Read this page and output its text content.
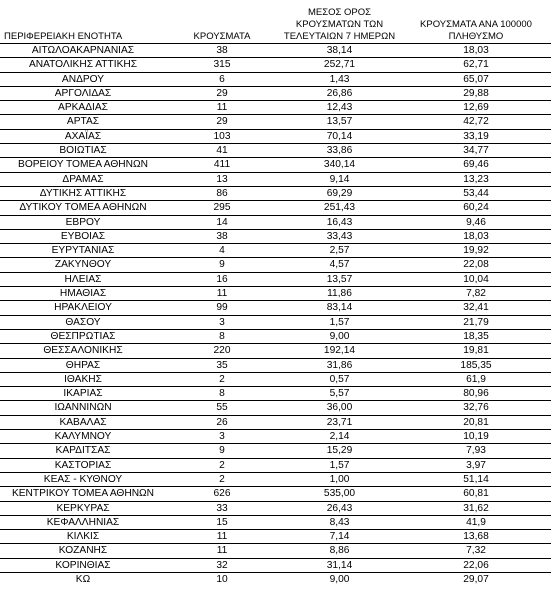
ΠΕΡΙΦΕΡΕΙΑΚΗ ΕΝΟΤΗΤΑ	ΚΡΟΥΣΜΑΤΑ	ΜΕΣΟΣ ΟΡΟΣ
ΚΡΟΥΣΜΑΤΩΝ ΤΩΝ
ΤΕΛΕΥΤΑΙΩΝ 7 ΗΜΕΡΩΝ	ΚΡΟΥΣΜΑΤΑ ΑΝΑ 100000
ΠΛΗΘΥΣΜΟ
ΑΙΤΩΛΟΑΚΑΡΝΑΝΙΑΣ	38	38,14	18,03
ΑΝΑΤΟΛΙΚΗΣ ΑΤΤΙΚΗΣ	315	252,71	62,71
ΑΝΔΡΟΥ	6	1,43	65,07
ΑΡΓΟΛΙΔΑΣ	29	26,86	29,88
ΑΡΚΑΔΙΑΣ	11	12,43	12,69
ΑΡΤΑΣ	29	13,57	42,72
ΑΧΑΪΑΣ	103	70,14	33,19
ΒΟΙΩΤΙΑΣ	41	33,86	34,77
ΒΟΡΕΙΟΥ ΤΟΜΕΑ ΑΘΗΝΩΝ	411	340,14	69,46
ΔΡΑΜΑΣ	13	9,14	13,23
ΔΥΤΙΚΗΣ ΑΤΤΙΚΗΣ	86	69,29	53,44
ΔΥΤΙΚΟΥ ΤΟΜΕΑ ΑΘΗΝΩΝ	295	251,43	60,24
ΕΒΡΟΥ	14	16,43	9,46
ΕΥΒΟΙΑΣ	38	33,43	18,03
ΕΥΡΥΤΑΝΙΑΣ	4	2,57	19,92
ΖΑΚΥΝΘΟΥ	9	4,57	22,08
ΗΛΕΙΑΣ	16	13,57	10,04
ΗΜΑΘΙΑΣ	11	11,86	7,82
ΗΡΑΚΛΕΙΟΥ	99	83,14	32,41
ΘΑΣΟΥ	3	1,57	21,79
ΘΕΣΠΡΩΤΙΑΣ	8	9,00	18,35
ΘΕΣΣΑΛΟΝΙΚΗΣ	220	192,14	19,81
ΘΗΡΑΣ	35	31,86	185,35
ΙΘΑΚΗΣ	2	0,57	61,9
ΙΚΑΡΙΑΣ	8	5,57	80,96
ΙΩΑΝΝΙΝΩΝ	55	36,00	32,76
ΚΑΒΑΛΑΣ	26	23,71	20,81
ΚΑΛΥΜΝΟΥ	3	2,14	10,19
ΚΑΡΔΙΤΣΑΣ	9	15,29	7,93
ΚΑΣΤΟΡΙΑΣ	2	1,57	3,97
ΚΕΑΣ - ΚΥΘΝΟΥ	2	1,00	51,14
ΚΕΝΤΡΙΚΟΥ ΤΟΜΕΑ ΑΘΗΝΩΝ	626	535,00	60,81
ΚΕΡΚΥΡΑΣ	33	26,43	31,62
ΚΕΦΑΛΛΗΝΙΑΣ	15	8,43	41,9
ΚΙΛΚΙΣ	11	7,14	13,68
ΚΟΖΑΝΗΣ	11	8,86	7,32
ΚΟΡΙΝΘΙΑΣ	32	31,14	22,06
ΚΩ	10	9,00	29,07
